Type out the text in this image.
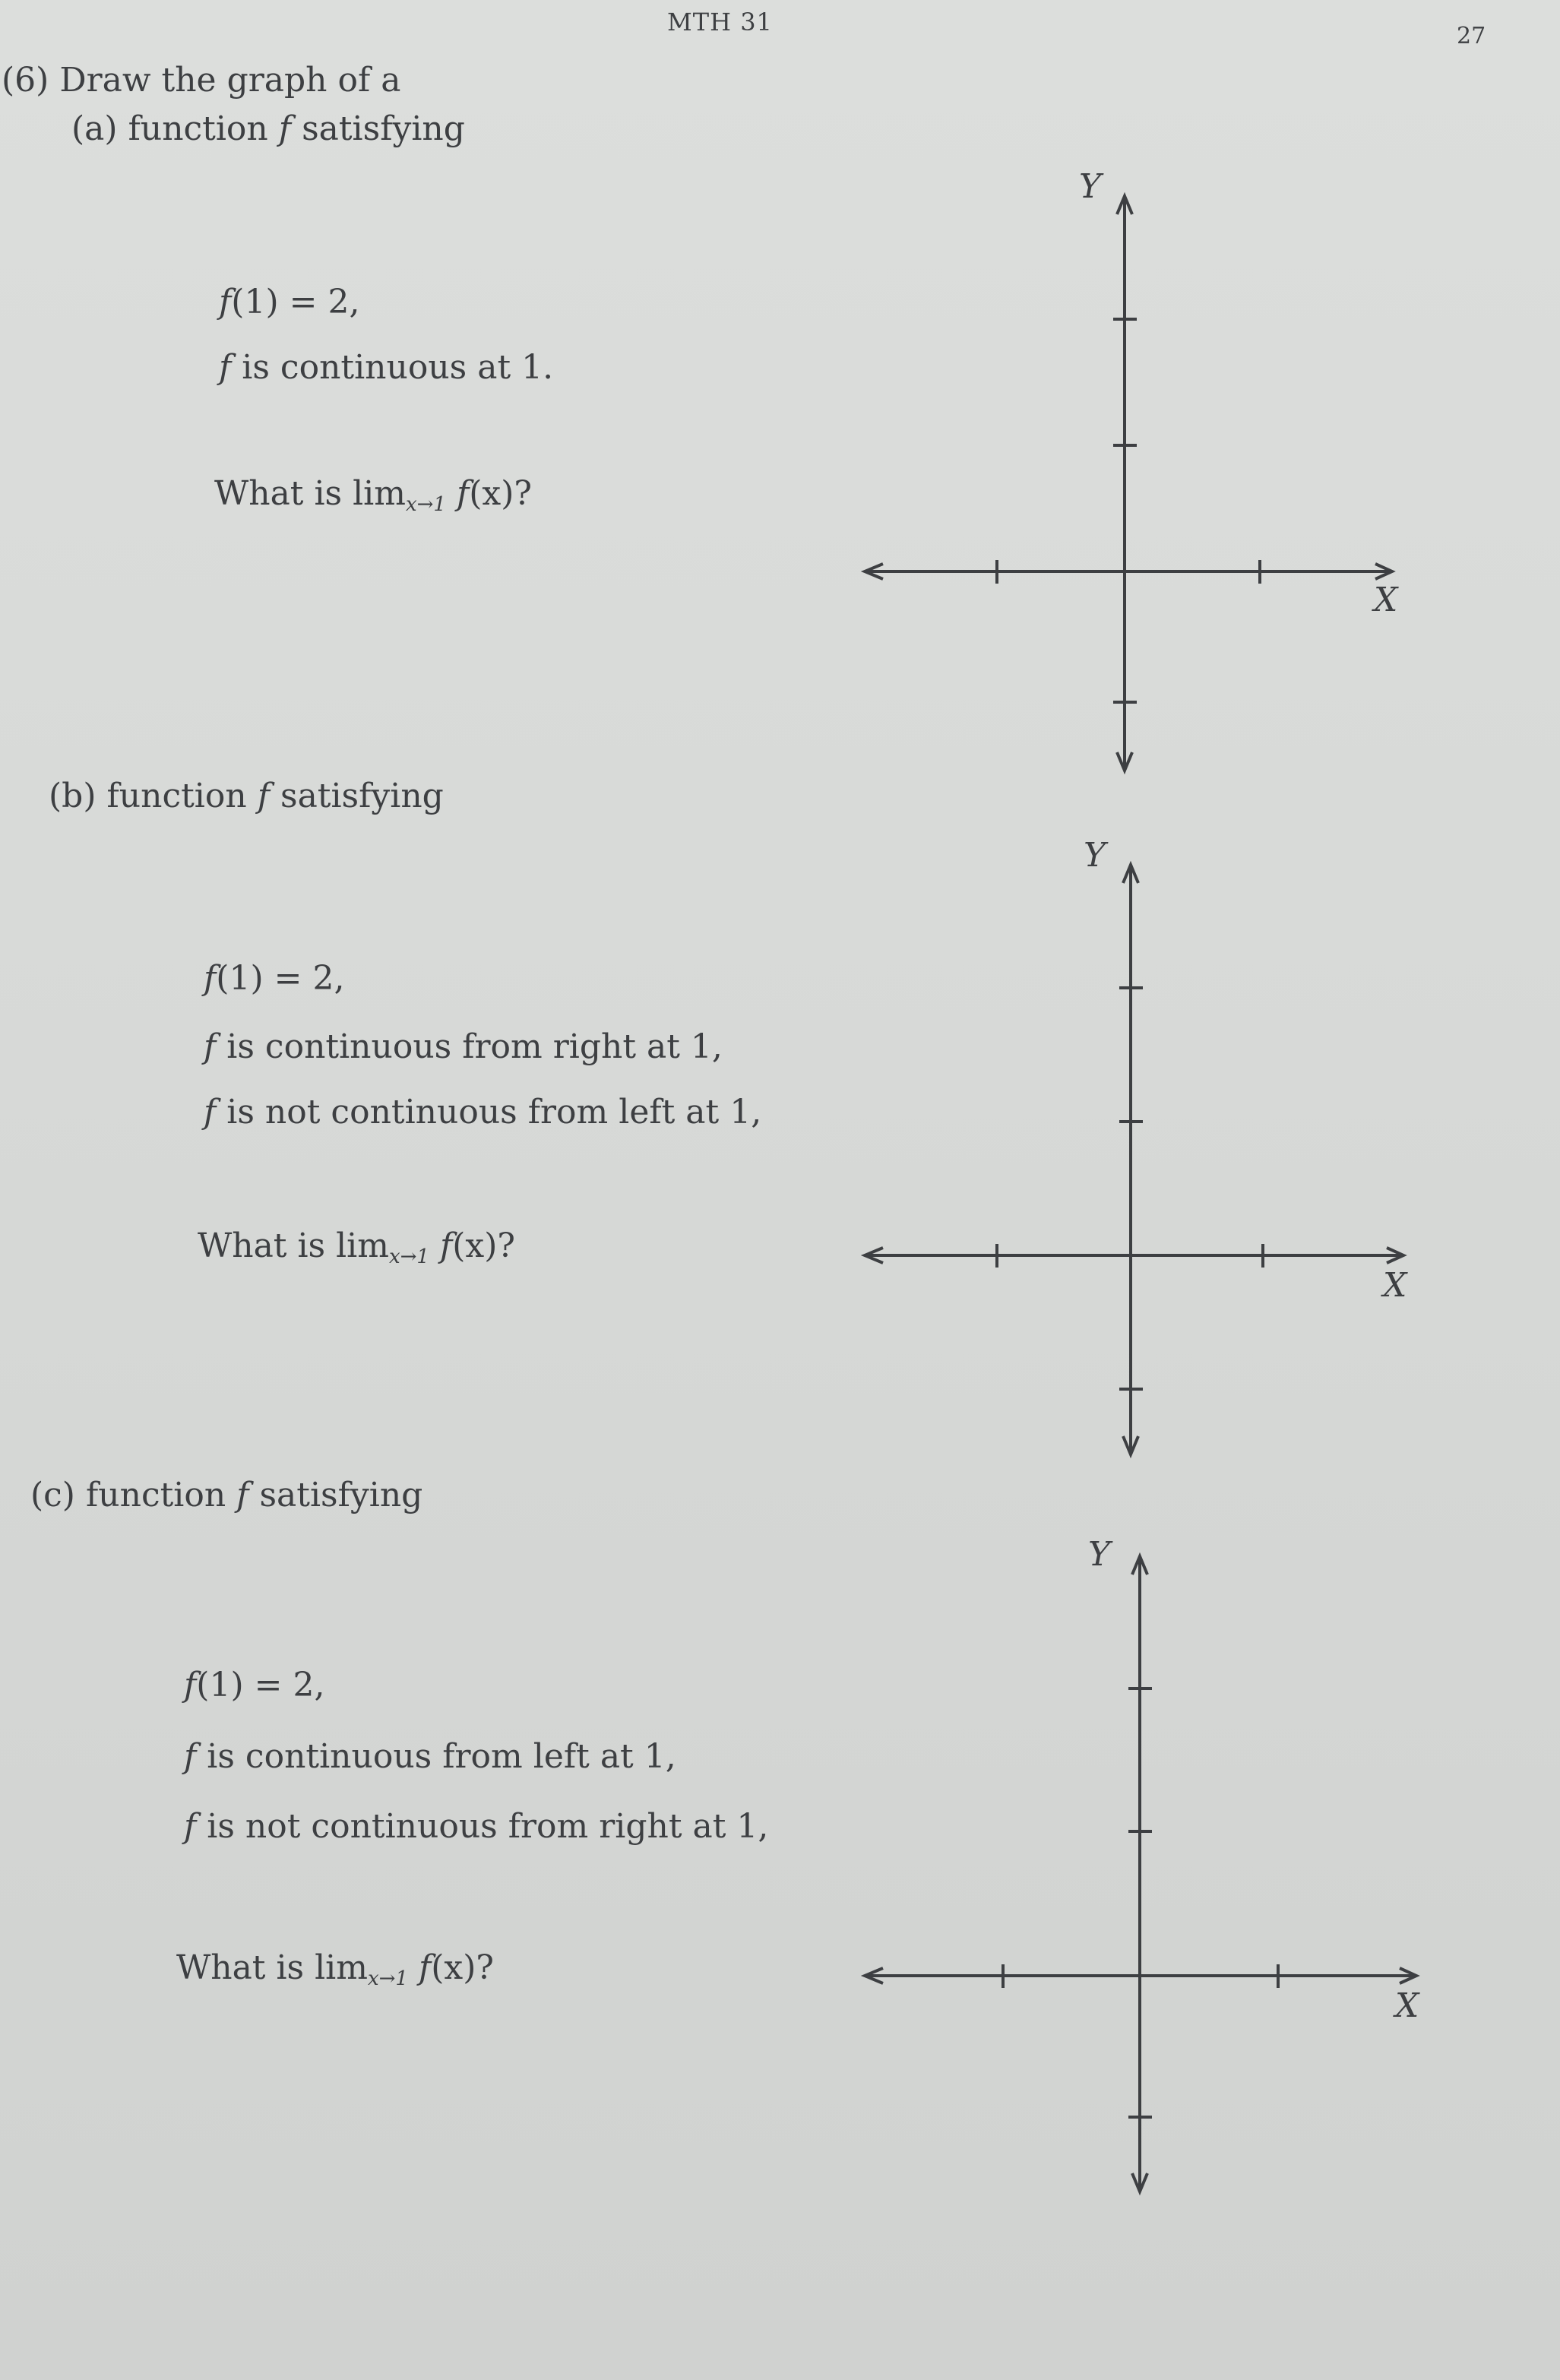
MTH 31	27
(6) Draw the graph of a
(a) function f satisfying
f(1) = 2,
f is continuous at 1.
What is $\lim_{x\to 1} f(x)$?
Y
X
(b) function f satisfying
f(1) = 2,
f is continuous from right at 1,
f is not continuous from left at 1,
What is $\lim_{x\to 1} f(x)$?
Y
X
(c) function f satisfying
f(1) = 2,
f is continuous from left at 1,
f is not continuous from right at 1,
What is $\lim_{x\to 1} f(x)$?
Y
X
